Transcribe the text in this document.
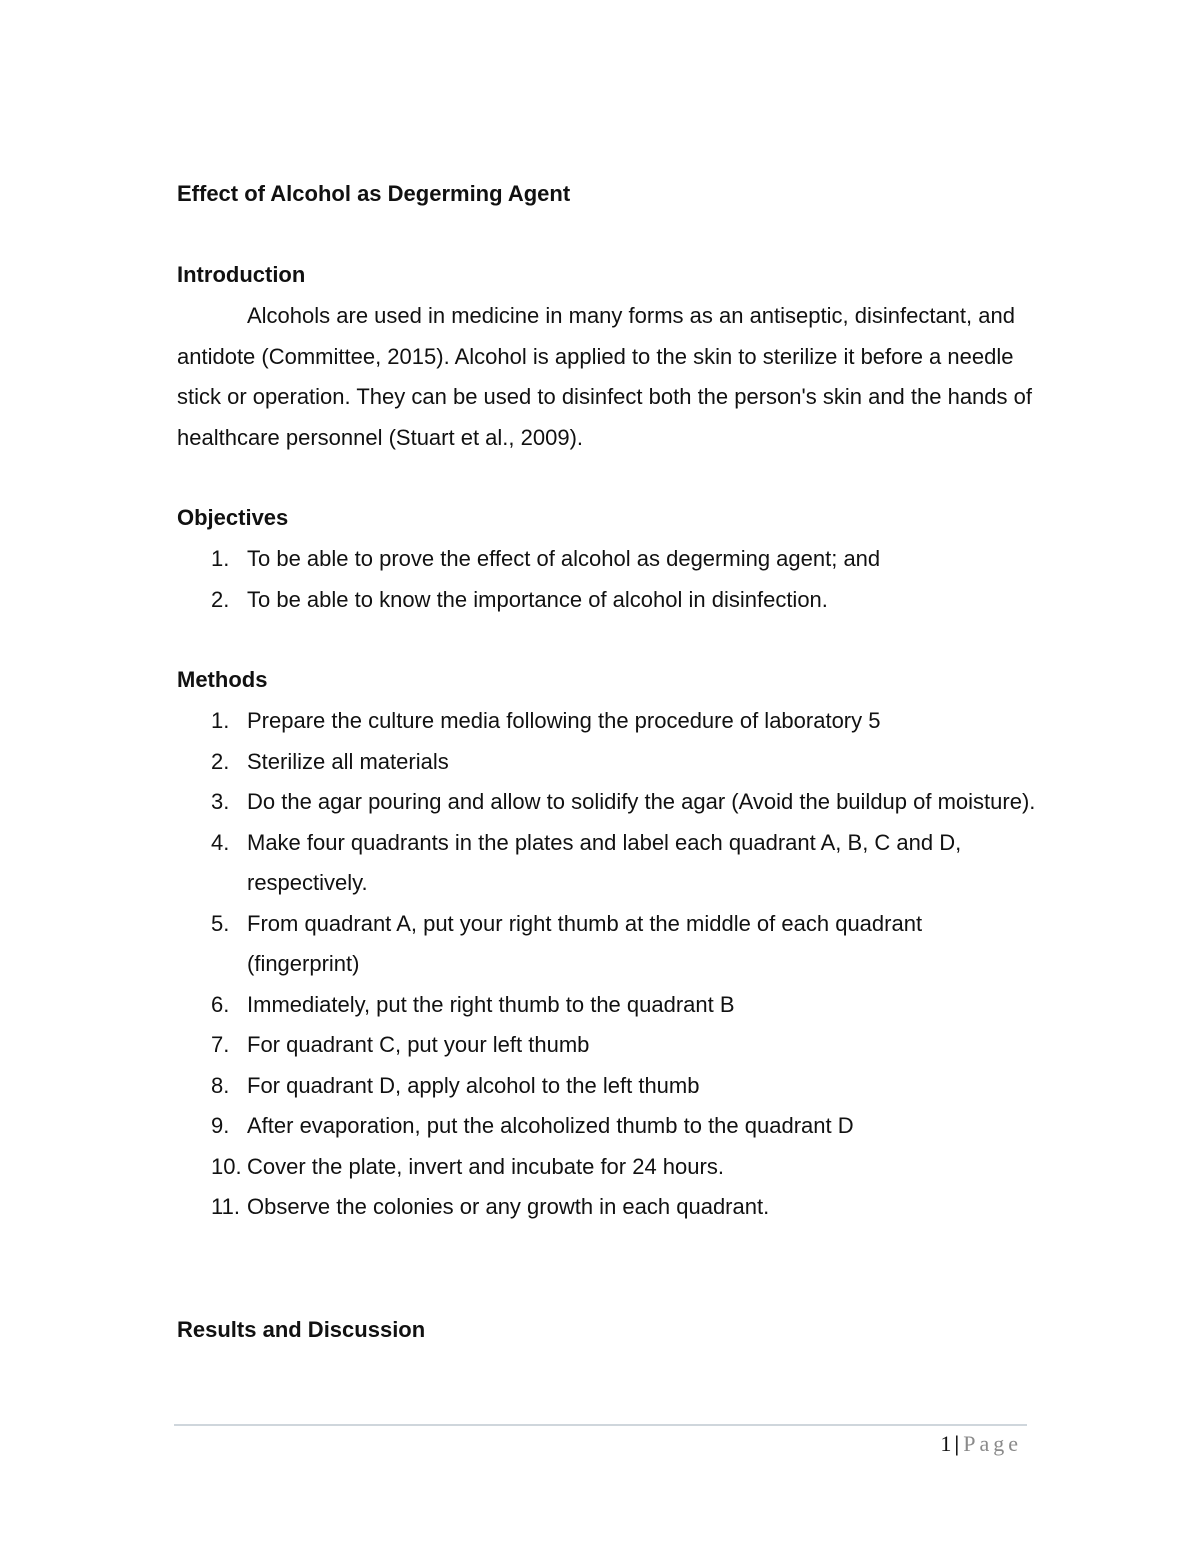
Effect of Alcohol as Degerming Agent
Introduction

Alcohols are used in medicine in many forms as an antiseptic, disinfectant, and antidote (Committee, 2015). Alcohol is applied to the skin to sterilize it before a needle stick or operation. They can be used to disinfect both the person's skin and the hands of healthcare personnel (Stuart et al., 2009).

Objectives
1. To be able to prove the effect of alcohol as degerming agent; and
2. To be able to know the importance of alcohol in disinfection.
Methods
1. Prepare the culture media following the procedure of laboratory 5
2. Sterilize all materials
3. Do the agar pouring and allow to solidify the agar (Avoid the buildup of moisture).
4. Make four quadrants in the plates and label each quadrant A, B, C and D, respectively.
5. From quadrant A, put your right thumb at the middle of each quadrant (fingerprint)
6. Immediately, put the right thumb to the quadrant B
7. For quadrant C, put your left thumb
8. For quadrant D, apply alcohol to the left thumb
9. After evaporation, put the alcoholized thumb to the quadrant D
10. Cover the plate, invert and incubate for 24 hours.
11. Observe the colonies or any growth in each quadrant.
Results and Discussion
1 | Page
